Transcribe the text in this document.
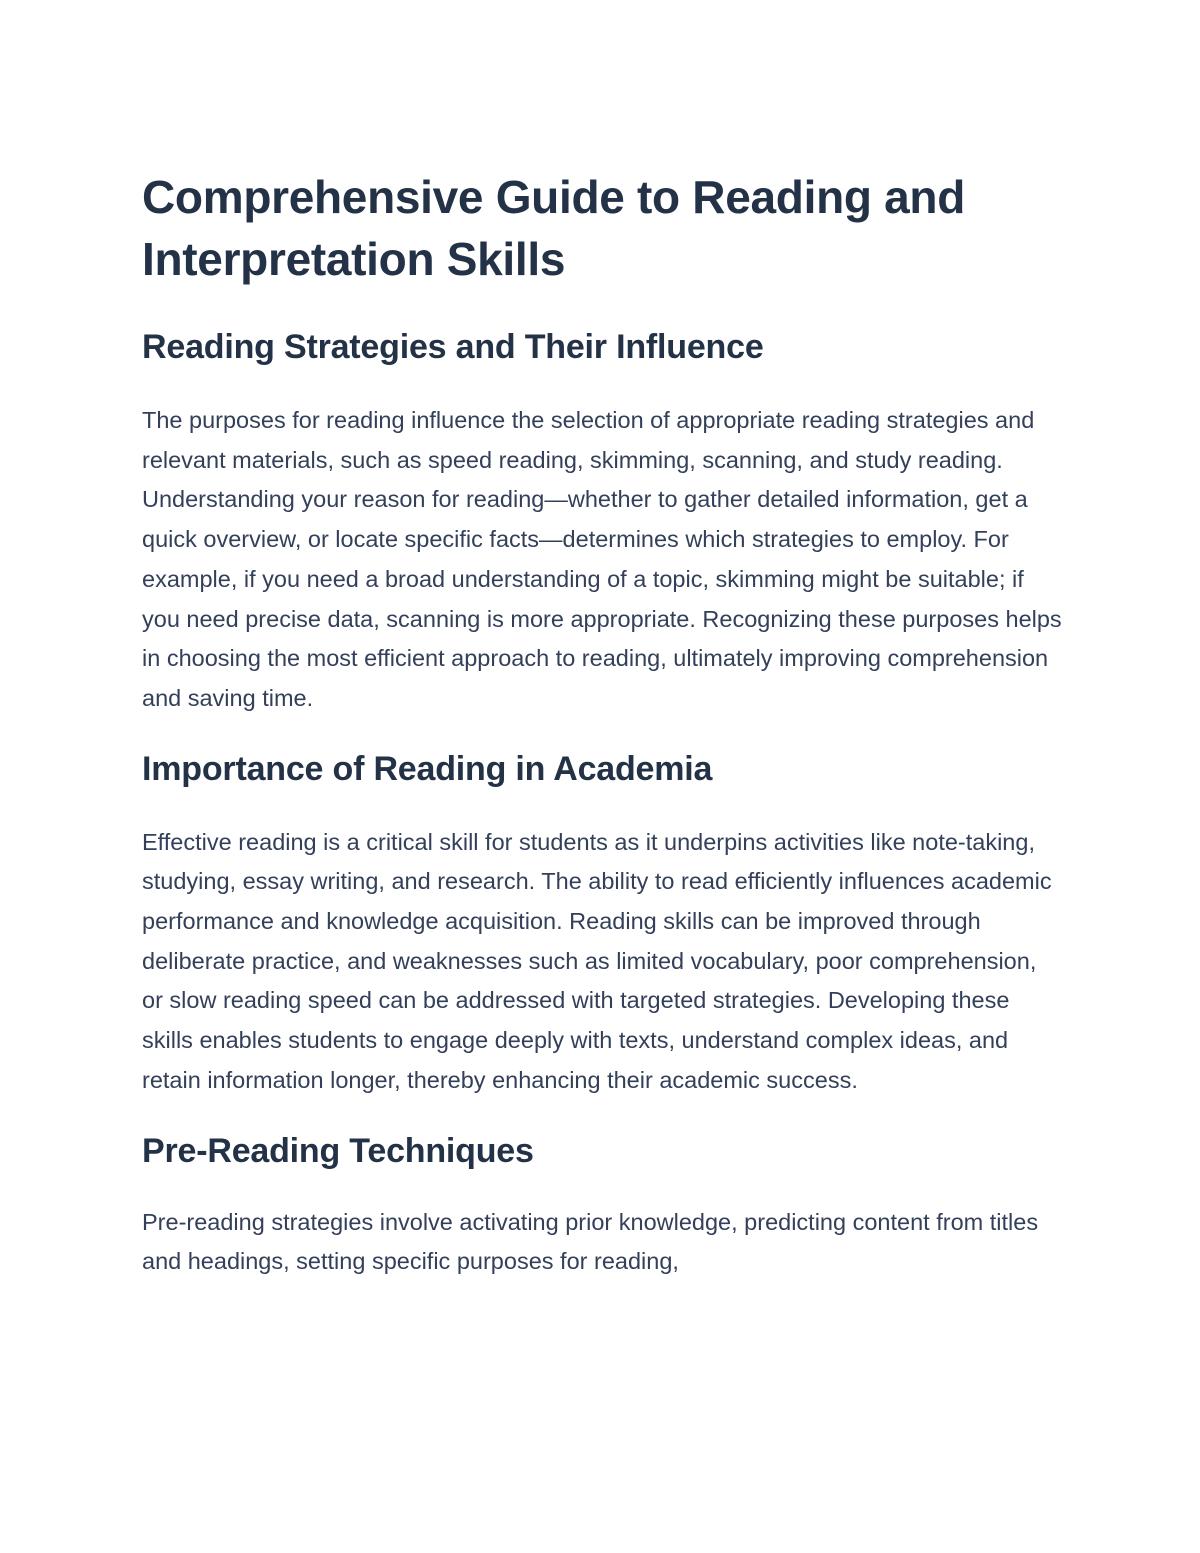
Comprehensive Guide to Reading and Interpretation Skills
Reading Strategies and Their Influence

The purposes for reading influence the selection of appropriate reading strategies and relevant materials, such as speed reading, skimming, scanning, and study reading. Understanding your reason for reading—whether to gather detailed information, get a quick overview, or locate specific facts—determines which strategies to employ. For example, if you need a broad understanding of a topic, skimming might be suitable; if you need precise data, scanning is more appropriate. Recognizing these purposes helps in choosing the most efficient approach to reading, ultimately improving comprehension and saving time.

Importance of Reading in Academia

Effective reading is a critical skill for students as it underpins activities like note-taking, studying, essay writing, and research. The ability to read efficiently influences academic performance and knowledge acquisition. Reading skills can be improved through deliberate practice, and weaknesses such as limited vocabulary, poor comprehension, or slow reading speed can be addressed with targeted strategies. Developing these skills enables students to engage deeply with texts, understand complex ideas, and retain information longer, thereby enhancing their academic success.

Pre-Reading Techniques

Pre-reading strategies involve activating prior knowledge, predicting content from titles and headings, setting specific purposes for reading,
